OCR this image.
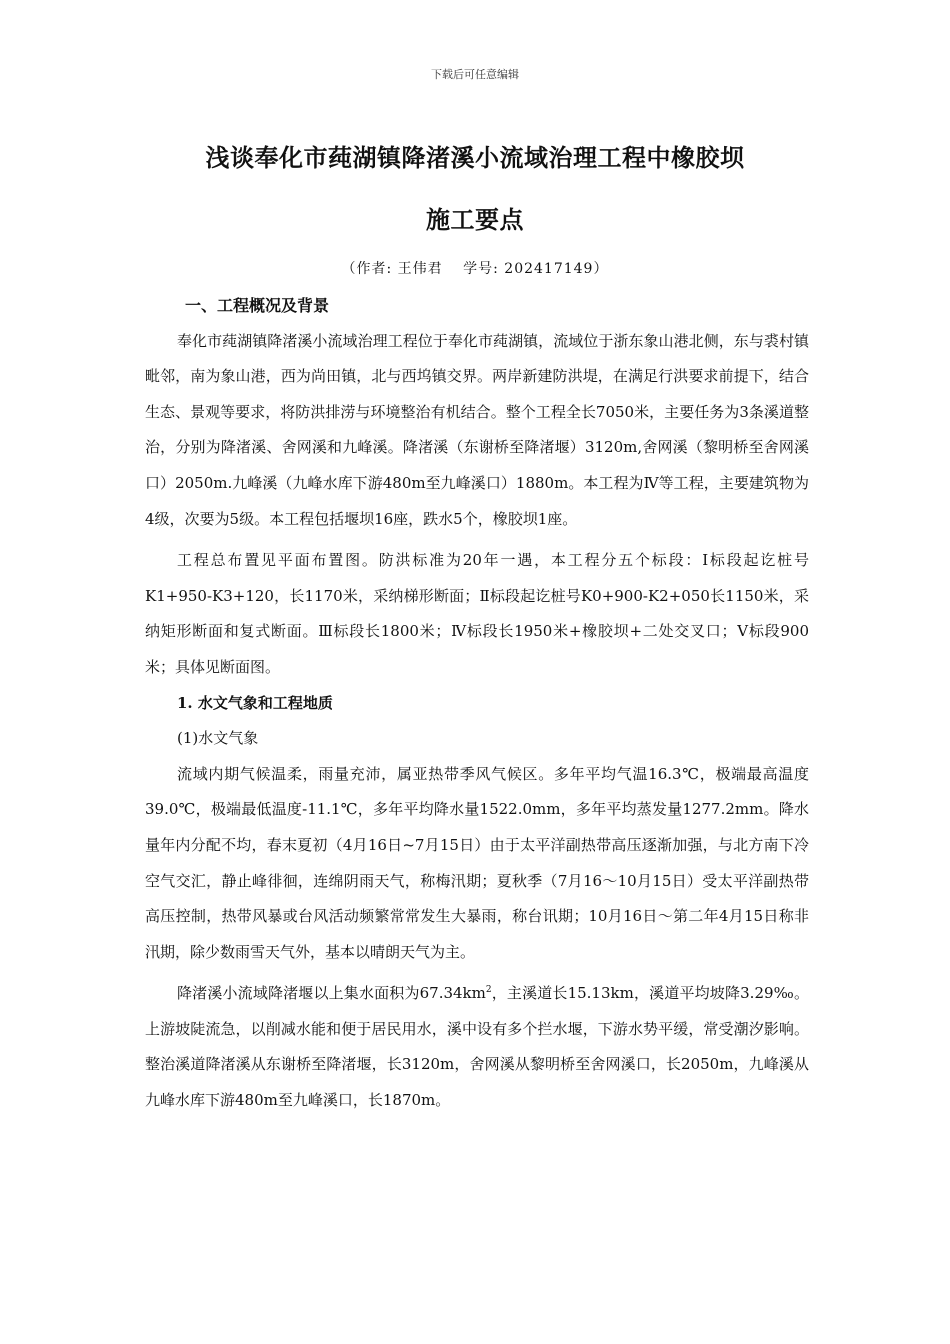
下载后可任意编辑
浅谈奉化市莼湖镇降渚溪小流域治理工程中橡胶坝
施工要点
（作者: 王伟君　 学号: 202417149）

一、工程概况及背景

奉化市莼湖镇降渚溪小流域治理工程位于奉化市莼湖镇，流域位于浙东象山港北侧，东与裘村镇毗邻，南为象山港，西为尚田镇，北与西坞镇交界。两岸新建防洪堤，在满足行洪要求前提下，结合生态、景观等要求，将防洪排涝与环境整治有机结合。整个工程全长7050米，主要任务为3条溪道整治，分别为降渚溪、舍网溪和九峰溪。降渚溪（东谢桥至降渚堰）3120m,舍网溪（黎明桥至舍网溪口）2050m.九峰溪（九峰水库下游480m至九峰溪口）1880m。本工程为Ⅳ等工程，主要建筑物为4级，次要为5级。本工程包括堰坝16座，跌水5个，橡胶坝1座。

工程总布置见平面布置图。防洪标准为20年一遇，本工程分五个标段：Ⅰ标段起讫桩号K1+950-K3+120，长1170米，采纳梯形断面；Ⅱ标段起讫桩号K0+900-K2+050长1150米，采纳矩形断面和复式断面。Ⅲ标段长1800米；Ⅳ标段长1950米+橡胶坝+二处交叉口；Ⅴ标段900米；具体见断面图。

1. 水文气象和工程地质

(1)水文气象

流域内期气候温柔，雨量充沛，属亚热带季风气候区。多年平均气温16.3℃，极端最高温度39.0℃，极端最低温度-11.1℃，多年平均降水量1522.0mm，多年平均蒸发量1277.2mm。降水量年内分配不均，春末夏初（4月16日~7月15日）由于太平洋副热带高压逐渐加强，与北方南下冷空气交汇，静止峰徘徊，连绵阴雨天气，称梅汛期；夏秋季（7月16～10月15日）受太平洋副热带高压控制，热带风暴或台风活动频繁常常发生大暴雨，称台讯期；10月16日～第二年4月15日称非汛期，除少数雨雪天气外，基本以晴朗天气为主。

降渚溪小流域降渚堰以上集水面积为$67.34km^2$，主溪道长15.13km，溪道平均坡降3.29‰。上游坡陡流急，以削减水能和便于居民用水，溪中设有多个拦水堰，下游水势平缓，常受潮汐影响。整治溪道降渚溪从东谢桥至降渚堰，长3120m，舍网溪从黎明桥至舍网溪口，长2050m，九峰溪从九峰水库下游480m至九峰溪口，长1870m。
